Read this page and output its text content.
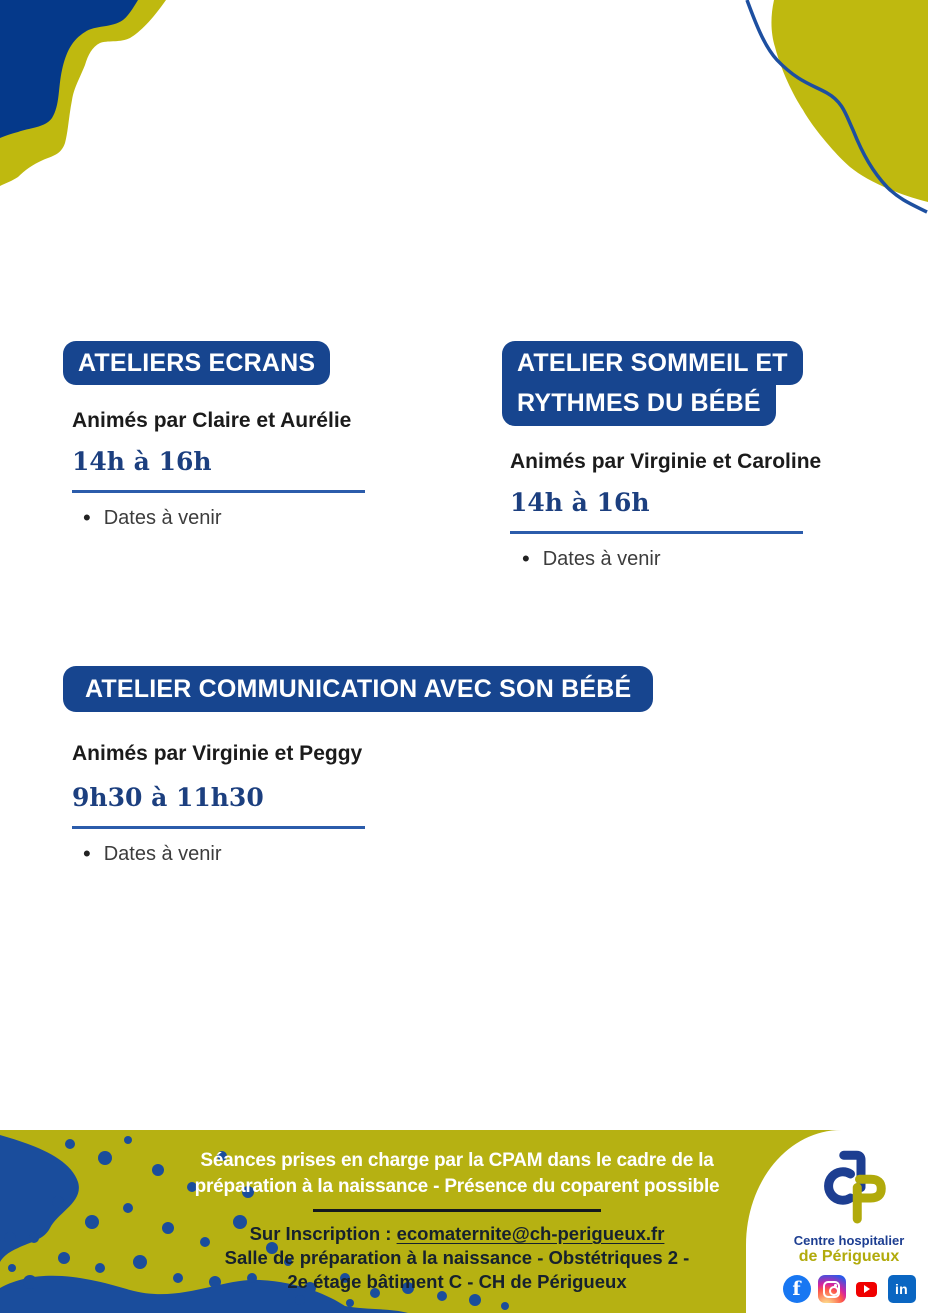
ATELIERS ECRANS
Animés par Claire et Aurélie
14h à 16h
• Dates à venir
ATELIER SOMMEIL ET
RYTHMES DU BÉBÉ
Animés par Virginie et Caroline
14h à 16h
• Dates à venir
ATELIER COMMUNICATION AVEC SON BÉBÉ
Animés par Virginie et Peggy
9h30 à 11h30
• Dates à venir

Séances prises en charge par la CPAM dans le cadre de la
préparation à la naissance - Présence du coparent possible

Sur Inscription : ecomaternite@ch-perigueux.fr

Salle de préparation à la naissance - Obstétriques 2 -
2e étage bâtiment C - CH de Périgueux

Centre hospitalier
de Périgueux
f	in
